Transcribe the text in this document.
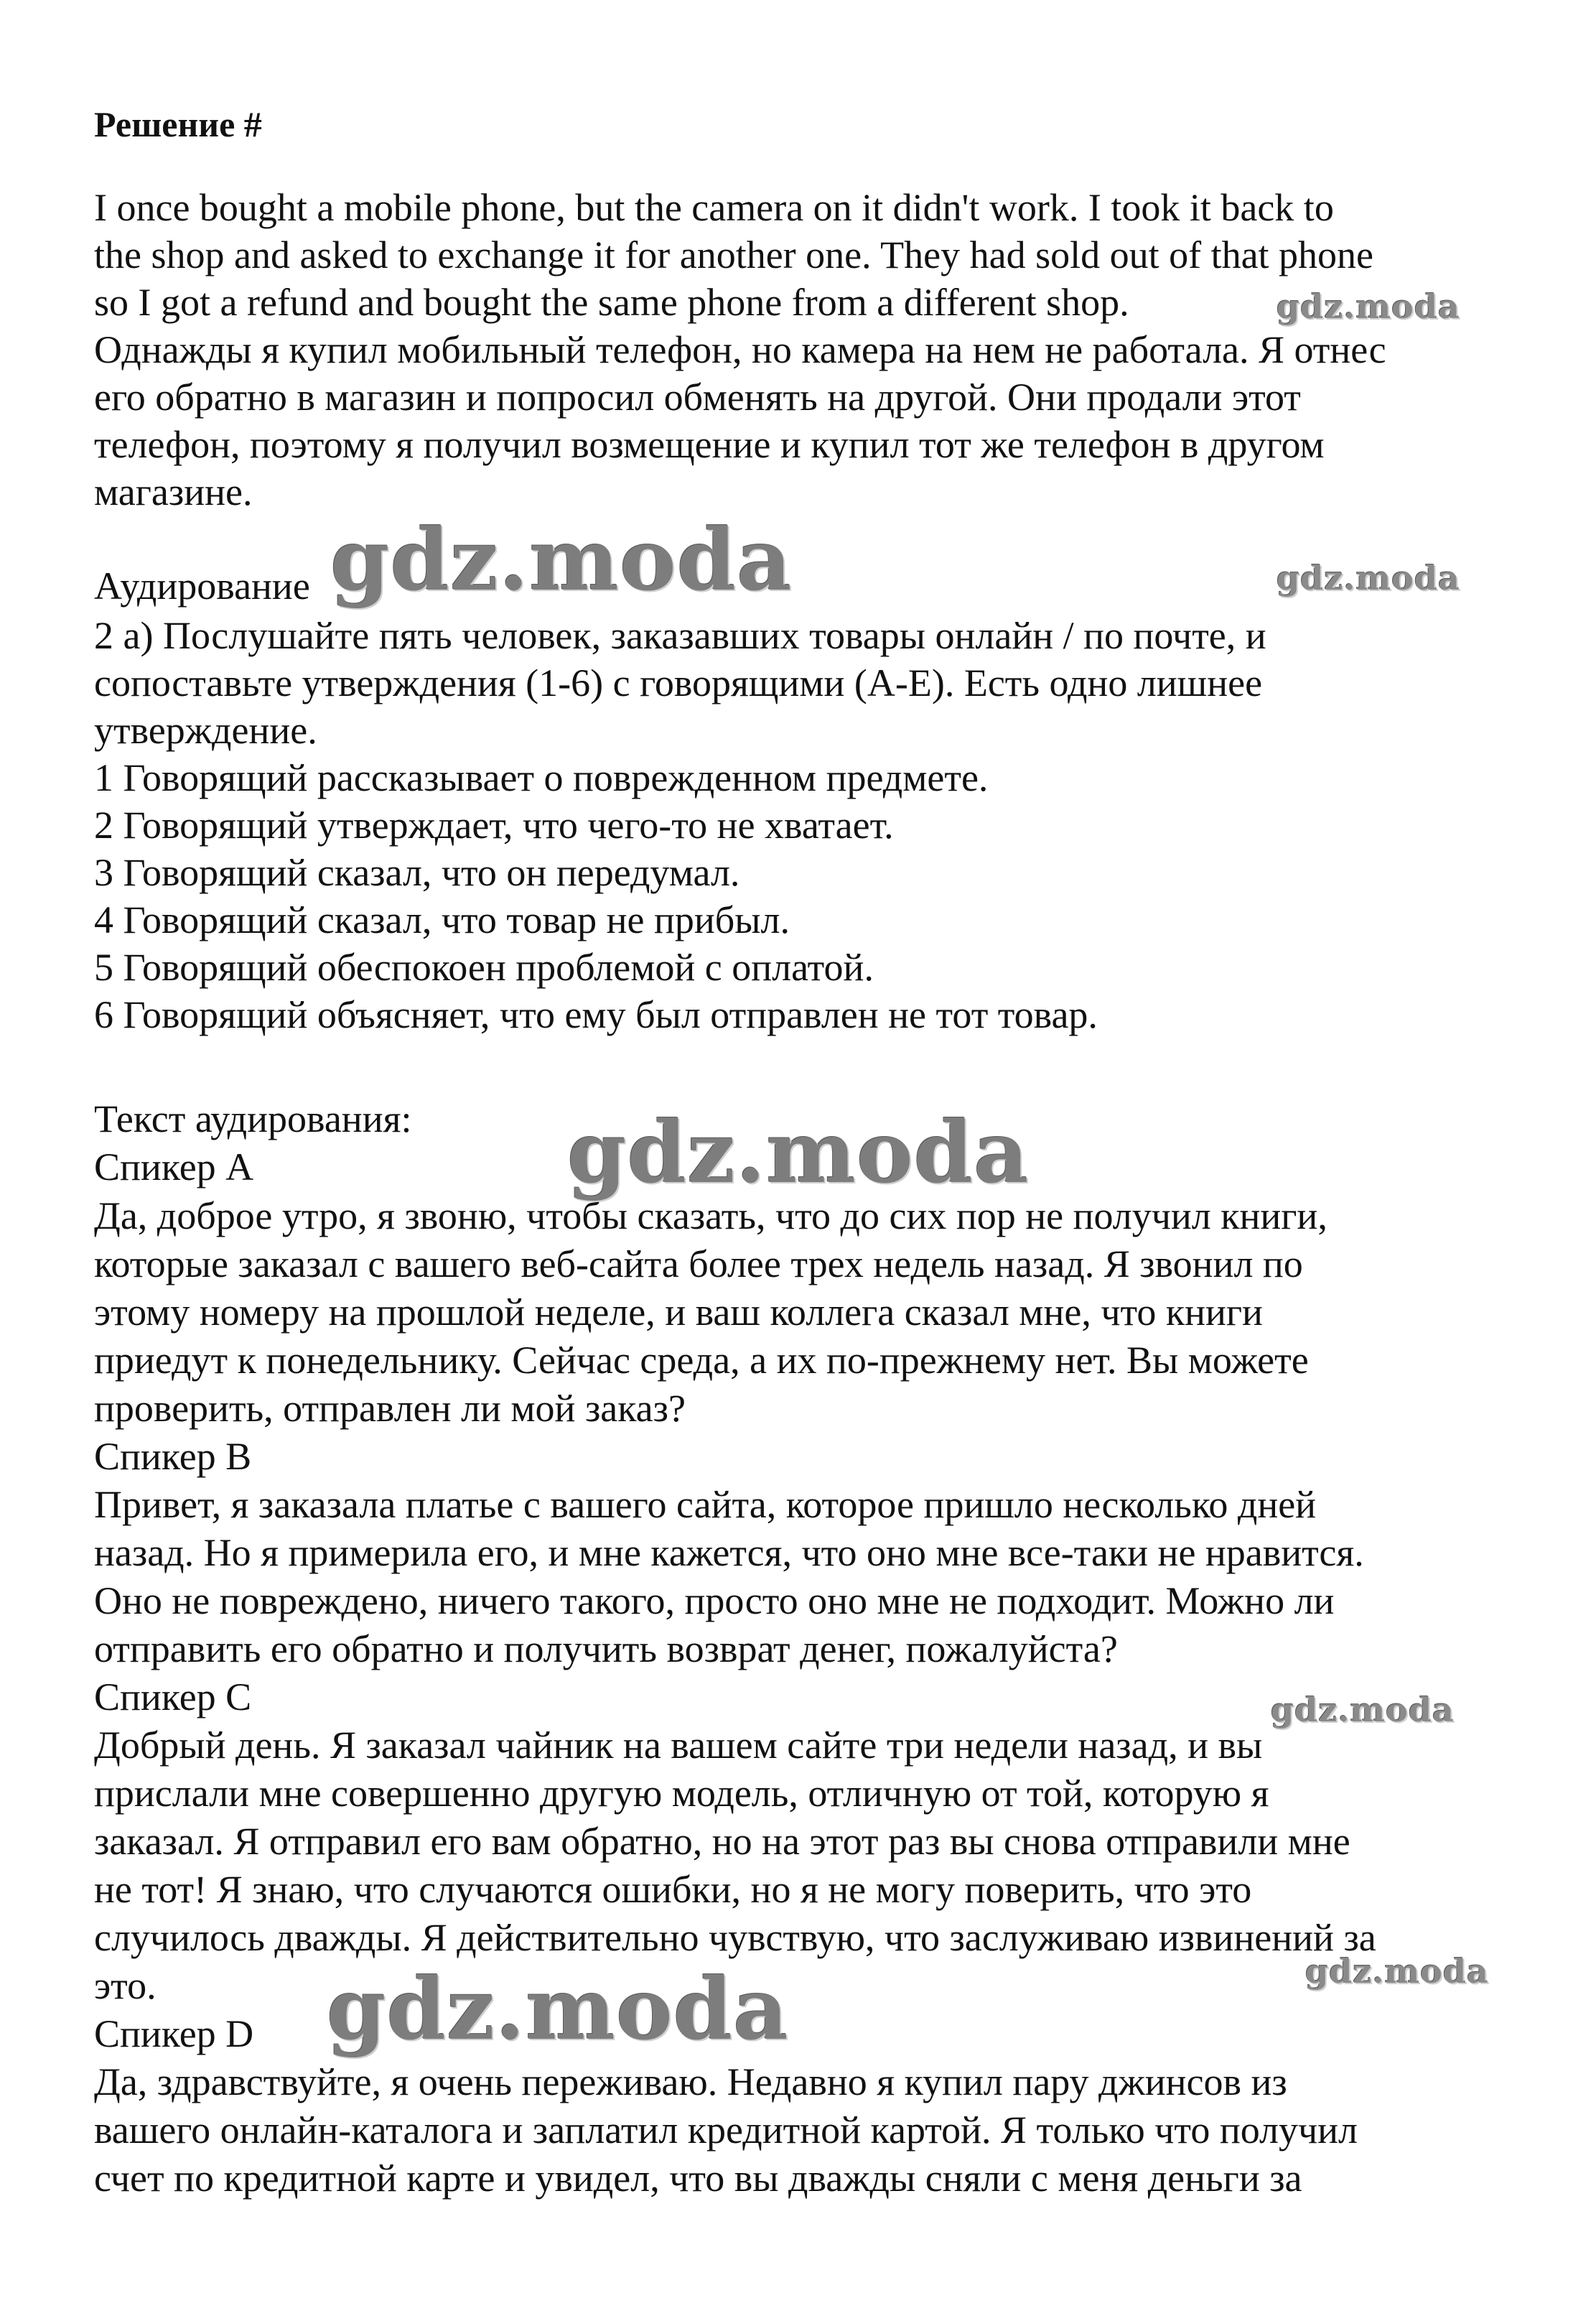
Решение #
I once bought a mobile phone, but the camera on it didn't work. I took it back to
the shop and asked to exchange it for another one. They had sold out of that phone
so I got a refund and bought the same phone from a different shop.
Однажды я купил мобильный телефон, но камера на нем не работала. Я отнес
его обратно в магазин и попросил обменять на другой. Они продали этот
телефон, поэтому я получил возмещение и купил тот же телефон в другом
магазине.
Аудирование
2 а) Послушайте пять человек, заказавших товары онлайн / по почте, и
сопоставьте утверждения (1-6) с говорящими (A-E). Есть одно лишнее
утверждение.
1 Говорящий рассказывает о поврежденном предмете.
2 Говорящий утверждает, что чего-то не хватает.
3 Говорящий сказал, что он передумал.
4 Говорящий сказал, что товар не прибыл.
5 Говорящий обеспокоен проблемой с оплатой.
6 Говорящий объясняет, что ему был отправлен не тот товар.
Текст аудирования:
Спикер A
Да, доброе утро, я звоню, чтобы сказать, что до сих пор не получил книги,
которые заказал с вашего веб-сайта более трех недель назад. Я звонил по
этому номеру на прошлой неделе, и ваш коллега сказал мне, что книги
приедут к понедельнику. Сейчас среда, а их по-прежнему нет. Вы можете
проверить, отправлен ли мой заказ?
Спикер B
Привет, я заказала платье с вашего сайта, которое пришло несколько дней
назад. Но я примерила его, и мне кажется, что оно мне все-таки не нравится.
Оно не повреждено, ничего такого, просто оно мне не подходит. Можно ли
отправить его обратно и получить возврат денег, пожалуйста?
Спикер C
Добрый день. Я заказал чайник на вашем сайте три недели назад, и вы
прислали мне совершенно другую модель, отличную от той, которую я
заказал. Я отправил его вам обратно, но на этот раз вы снова отправили мне
не тот! Я знаю, что случаются ошибки, но я не могу поверить, что это
случилось дважды. Я действительно чувствую, что заслуживаю извинений за
это.
Спикер D
Да, здравствуйте, я очень переживаю. Недавно я купил пару джинсов из
вашего онлайн-каталога и заплатил кредитной картой. Я только что получил
счет по кредитной карте и увидел, что вы дважды сняли с меня деньги за
gdz.moda
gdz.moda	gdz.moda
gdz.moda
gdz.moda
gdz.moda
gdz.moda
